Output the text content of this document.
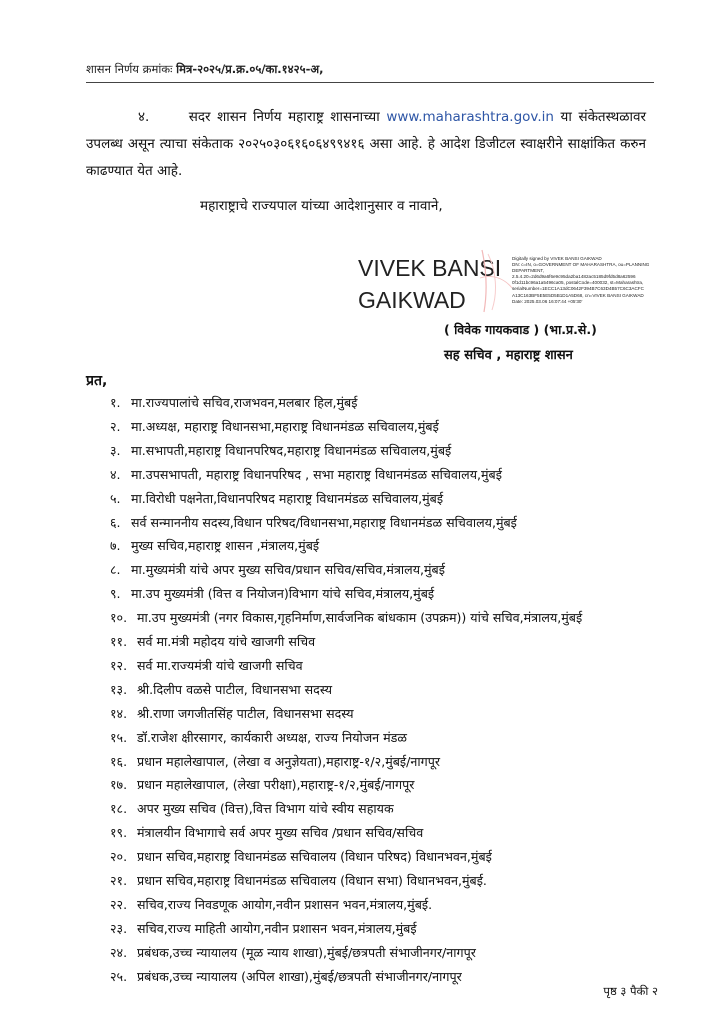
शासन निर्णय क्रमांकः मित्र-२०२५/प्र.क्र.०५/का.१४२५-अ,
४.	सदर शासन निर्णय महाराष्ट्र शासनाच्या www.maharashtra.gov.in या संकेतस्थळावर उपलब्ध असून त्याचा संकेताक २०२५०३०६१६०६४९९४१६ असा आहे. हे आदेश डिजीटल स्वाक्षरीने साक्षांकित करुन काढण्यात येत आहे.
महाराष्ट्राचे राज्यपाल यांच्या आदेशानुसार व नावाने,
VIVEK BANSI
GAIKWAD
Digitally signed by VIVEK BANSI GAIKWAD
DN: c=IN, o=GOVERNMENT OF MAHARASHTRA, ou=PLANNING
DEPARTMENT,
2.5.4.20=2d6d9a6f6e9c95da2ba1482ac5185d9fd5d8a62596
0f1d11bc96a1a5496ca05, postalCode=400032, st=Maharashtra,
serialNumber=1ECC1A13dC0642F394B7C63D4B57C6C3ACFC
A13C163BF5E5E5D5B1D1A5D68, cn=VIVEK BANSI GAIKWAD
Date: 2025.03.06 16:07:44 +05'30'
( विवेक गायकवाड ) (भा.प्र.से.)
सह सचिव , महाराष्ट्र शासन
प्रत,
१. मा.राज्यपालांचे सचिव,राजभवन,मलबार हिल,मुंबई
२. मा.अध्यक्ष, महाराष्ट्र विधानसभा,महाराष्ट्र विधानमंडळ सचिवालय,मुंबई
३. मा.सभापती,महाराष्ट्र विधानपरिषद,महाराष्ट्र विधानमंडळ सचिवालय,मुंबई
४. मा.उपसभापती, महाराष्ट्र विधानपरिषद , सभा महाराष्ट्र विधानमंडळ सचिवालय,मुंबई
५. मा.विरोधी पक्षनेता,विधानपरिषद महाराष्ट्र विधानमंडळ सचिवालय,मुंबई
६. सर्व सन्माननीय सदस्य,विधान परिषद/विधानसभा,महाराष्ट्र विधानमंडळ सचिवालय,मुंबई
७. मुख्य सचिव,महाराष्ट्र शासन ,मंत्रालय,मुंबई
८. मा.मुख्यमंत्री यांचे अपर मुख्य सचिव/प्रधान सचिव/सचिव,मंत्रालय,मुंबई
९. मा.उप मुख्यमंत्री (वित्त व नियोजन)विभाग यांचे सचिव,मंत्रालय,मुंबई
१०. मा.उप मुख्यमंत्री (नगर विकास,गृहनिर्माण,सार्वजनिक बांधकाम (उपक्रम)) यांचे सचिव,मंत्रालय,मुंबई
११. सर्व मा.मंत्री महोदय यांचे खाजगी सचिव
१२. सर्व मा.राज्यमंत्री यांचे खाजगी सचिव
१३. श्री.दिलीप वळसे पाटील, विधानसभा सदस्य
१४. श्री.राणा जगजीतसिंह पाटील, विधानसभा सदस्य
१५. डॉ.राजेश क्षीरसागर, कार्यकारी अध्यक्ष, राज्य नियोजन मंडळ
१६. प्रधान महालेखापाल, (लेखा व अनुज्ञेयता),महाराष्ट्र-१/२,मुंबई/नागपूर
१७. प्रधान महालेखापाल, (लेखा परीक्षा),महाराष्ट्र-१/२,मुंबई/नागपूर
१८. अपर मुख्य सचिव (वित्त),वित्त विभाग यांचे स्वीय सहायक
१९. मंत्रालयीन विभागाचे सर्व अपर मुख्य सचिव /प्रधान सचिव/सचिव
२०. प्रधान सचिव,महाराष्ट्र विधानमंडळ सचिवालय (विधान परिषद) विधानभवन,मुंबई
२१. प्रधान सचिव,महाराष्ट्र विधानमंडळ सचिवालय (विधान सभा) विधानभवन,मुंबई.
२२. सचिव,राज्य निवडणूक आयोग,नवीन प्रशासन भवन,मंत्रालय,मुंबई.
२३. सचिव,राज्य माहिती आयोग,नवीन प्रशासन भवन,मंत्रालय,मुंबई
२४. प्रबंधक,उच्च न्यायालय (मूळ न्याय शाखा),मुंबई/छत्रपती संभाजीनगर/नागपूर
२५. प्रबंधक,उच्च न्यायालय (अपिल शाखा),मुंबई/छत्रपती संभाजीनगर/नागपूर
पृष्ठ ३ पैकी २
